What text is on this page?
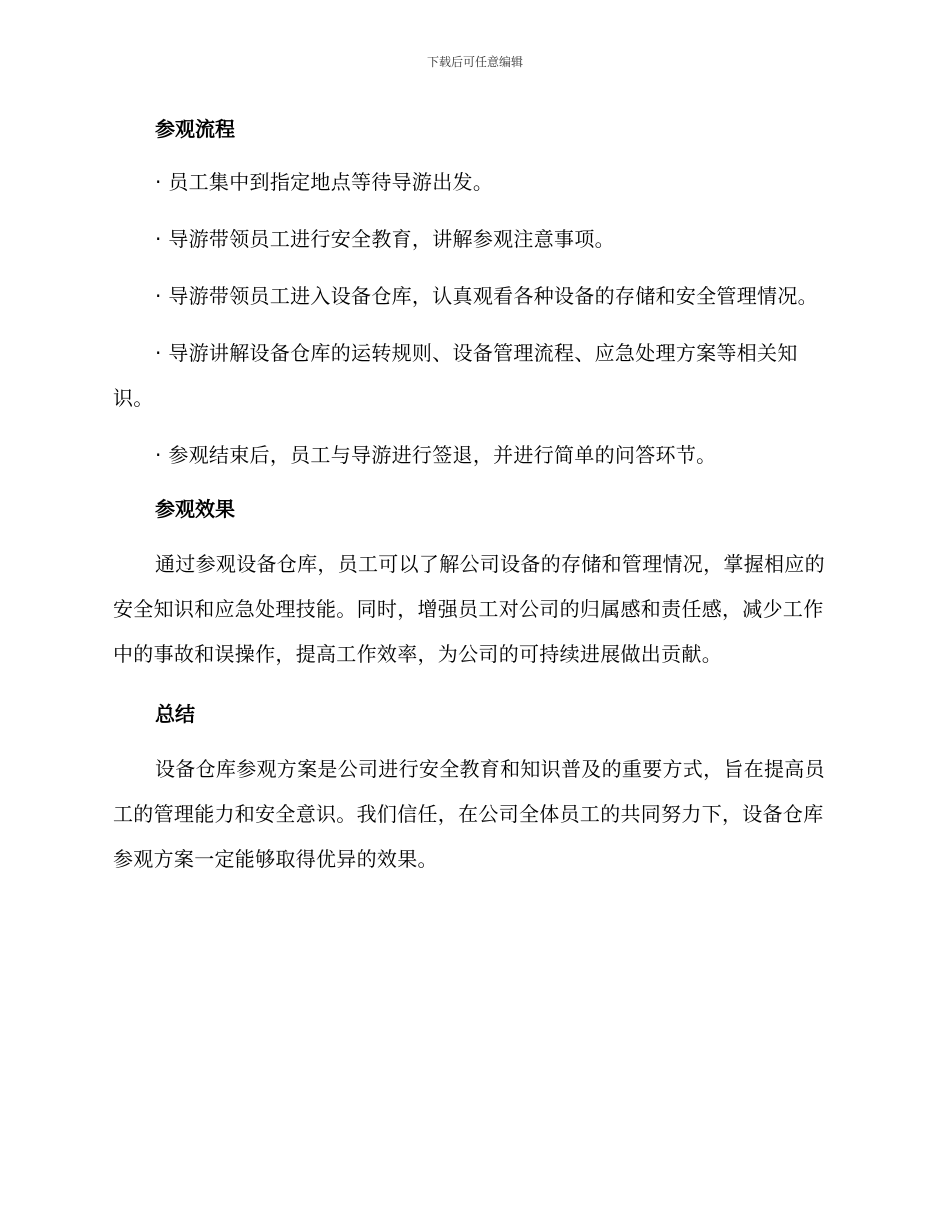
下载后可任意编辑
参观流程

· 员工集中到指定地点等待导游出发。

· 导游带领员工进行安全教育，讲解参观注意事项。

· 导游带领员工进入设备仓库，认真观看各种设备的存储和安全管理情况。

· 导游讲解设备仓库的运转规则、设备管理流程、应急处理方案等相关知识。

· 参观结束后，员工与导游进行签退，并进行简单的问答环节。

参观效果

通过参观设备仓库，员工可以了解公司设备的存储和管理情况，掌握相应的安全知识和应急处理技能。同时，增强员工对公司的归属感和责任感，减少工作中的事故和误操作，提高工作效率，为公司的可持续进展做出贡献。

总结

设备仓库参观方案是公司进行安全教育和知识普及的重要方式，旨在提高员工的管理能力和安全意识。我们信任，在公司全体员工的共同努力下，设备仓库参观方案一定能够取得优异的效果。
